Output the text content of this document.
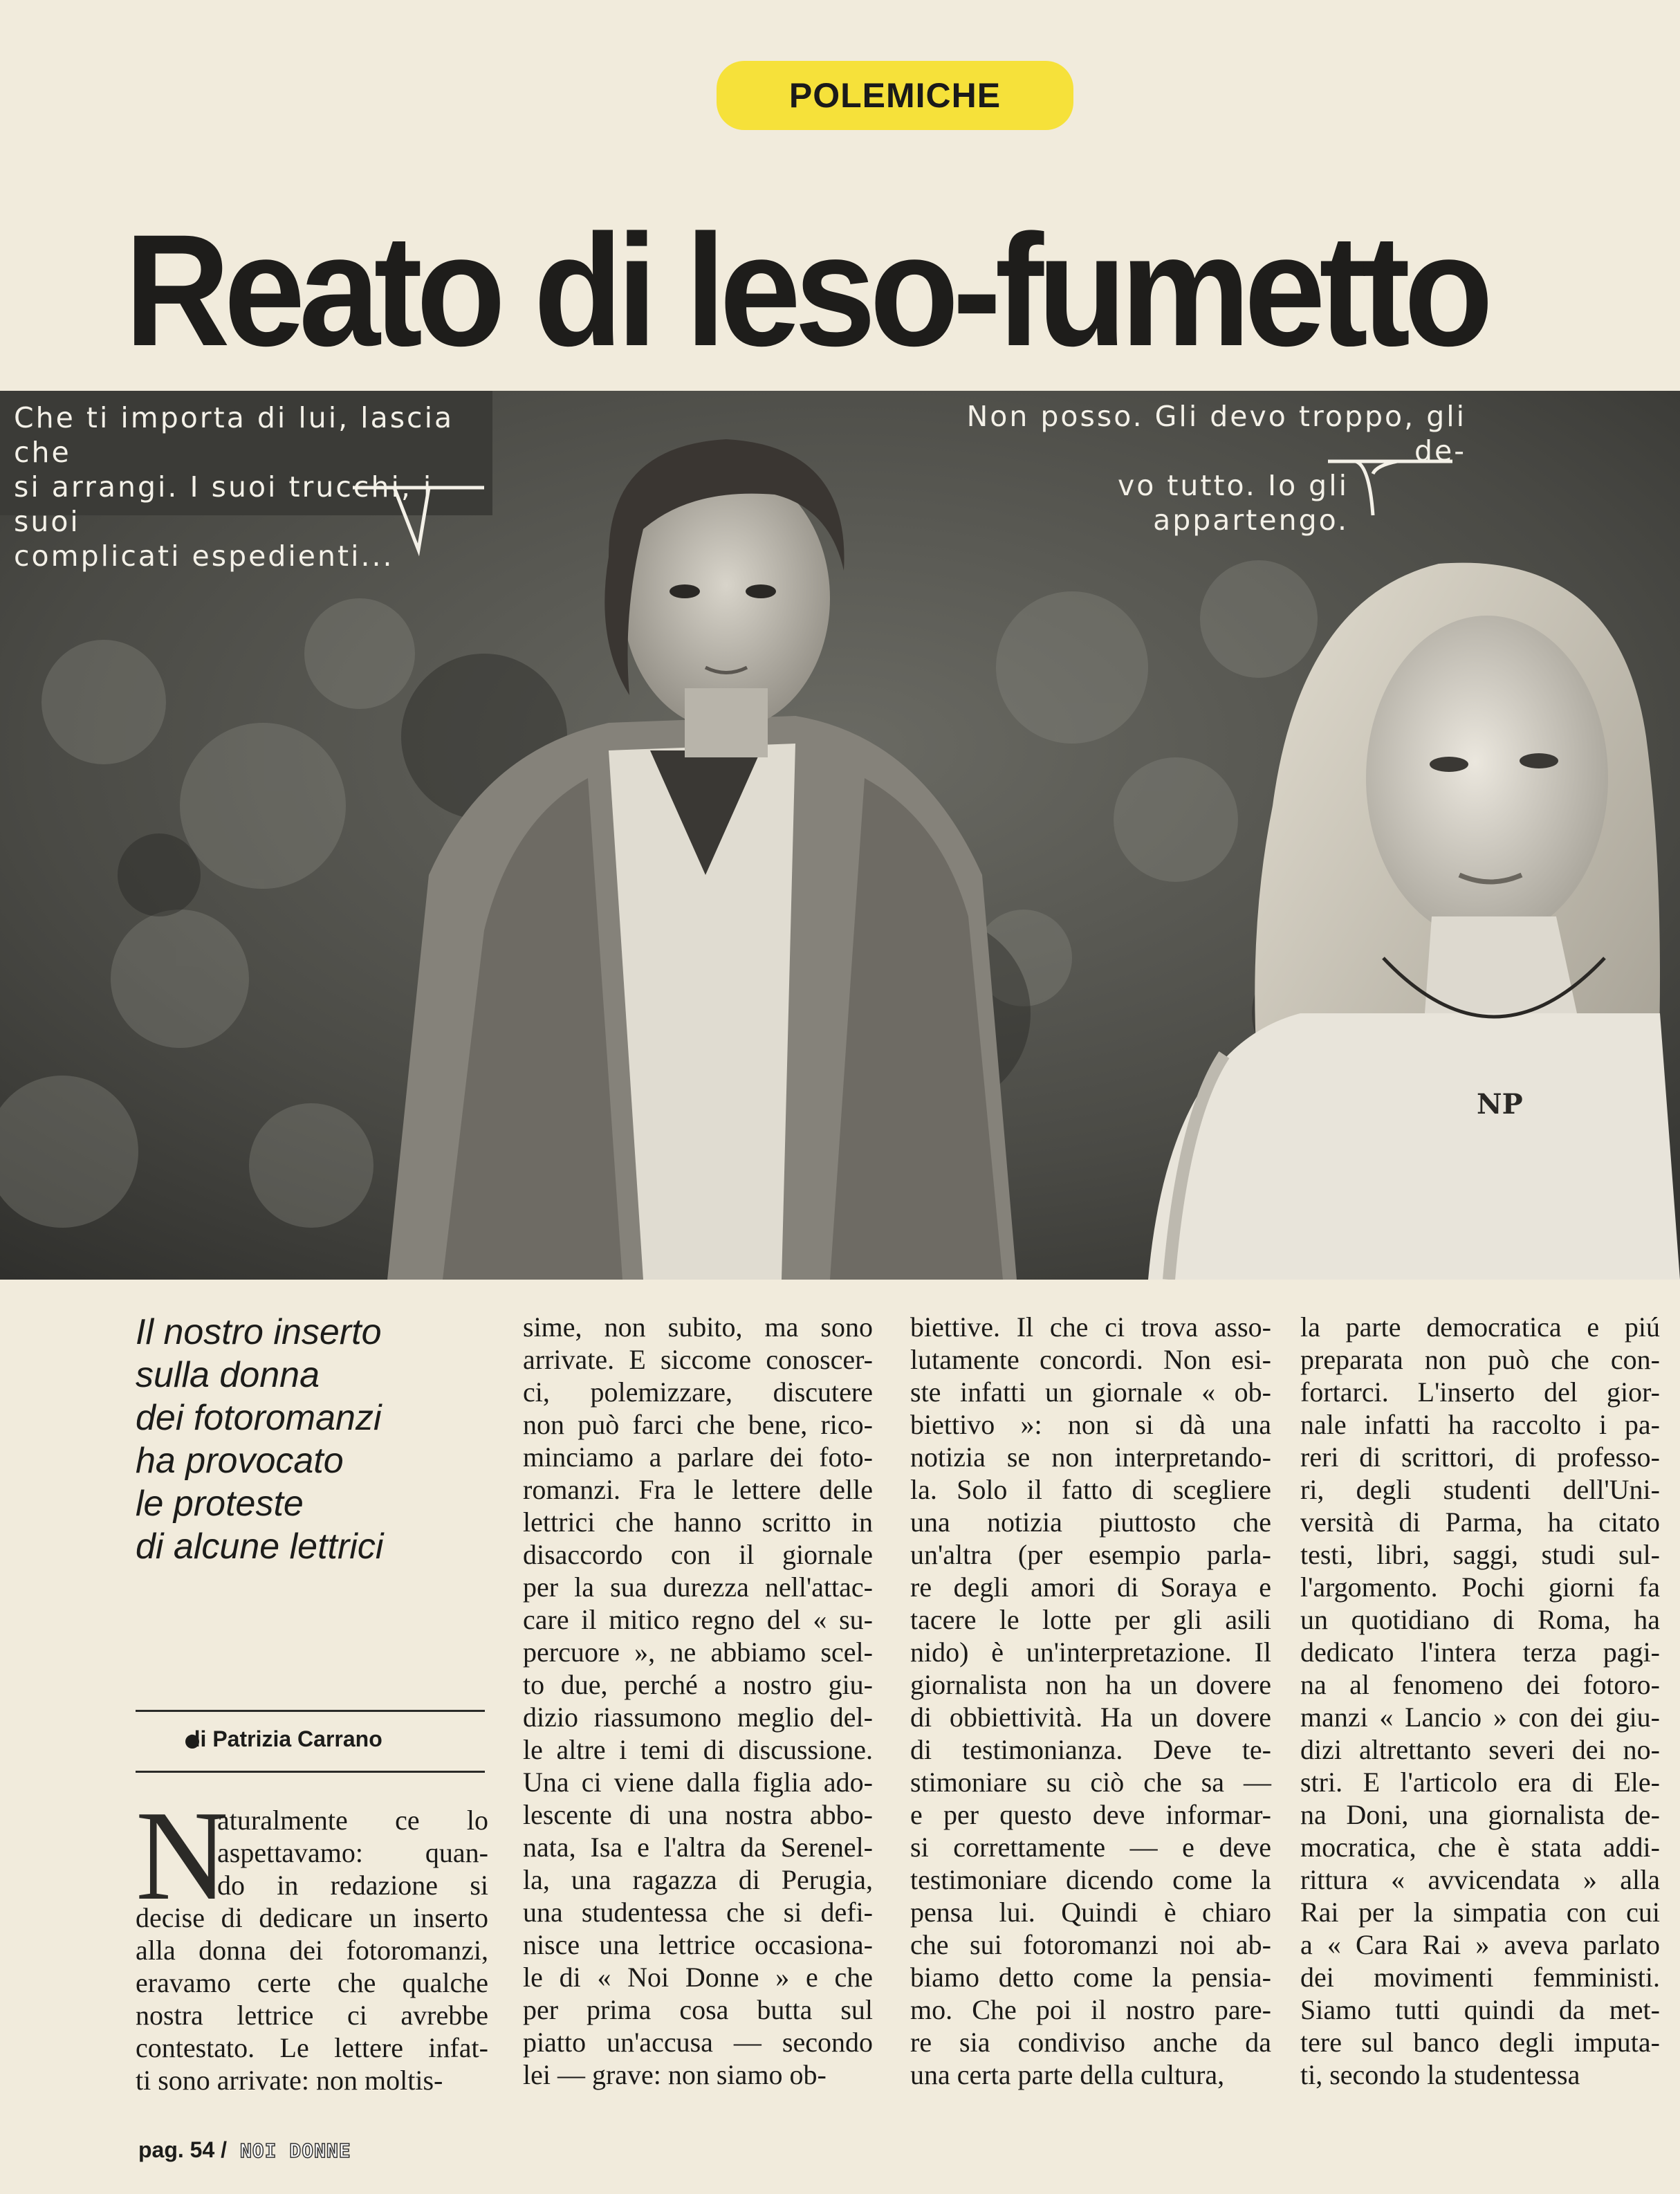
POLEMICHE
Reato di leso-fumetto
NP
Che ti importa di lui, lascia che
si arrangi. I suoi trucchi, i suoi
complicati espedienti...
Non posso. Gli devo troppo, gli de-
vo tutto. Io gli appartengo.
Il nostro inserto
sulla donna
dei fotoromanzi
ha provocato
le proteste
di alcune lettrici
di Patrizia Carrano
N
aturalmente ce lo
aspettavamo: quan-
do in redazione si
decise di dedicare un inserto
alla donna dei fotoromanzi,
eravamo certe che qualche
nostra lettrice ci avrebbe
contestato. Le lettere infat-
ti sono arrivate: non moltis-
sime, non subito, ma sono
arrivate. E siccome conoscer-
ci, polemizzare, discutere
non può farci che bene, rico-
minciamo a parlare dei foto-
romanzi. Fra le lettere delle
lettrici che hanno scritto in
disaccordo con il giornale
per la sua durezza nell'attac-
care il mitico regno del « su-
percuore », ne abbiamo scel-
to due, perché a nostro giu-
dizio riassumono meglio del-
le altre i temi di discussione.
Una ci viene dalla figlia ado-
lescente di una nostra abbo-
nata, Isa e l'altra da Serenel-
la, una ragazza di Perugia,
una studentessa che si defi-
nisce una lettrice occasiona-
le di « Noi Donne » e che
per prima cosa butta sul
piatto un'accusa — secondo
lei — grave: non siamo ob-
biettive. Il che ci trova asso-
lutamente concordi. Non esi-
ste infatti un giornale « ob-
biettivo »: non si dà una
notizia se non interpretando-
la. Solo il fatto di scegliere
una notizia piuttosto che
un'altra (per esempio parla-
re degli amori di Soraya e
tacere le lotte per gli asili
nido) è un'interpretazione. Il
giornalista non ha un dovere
di obbiettività. Ha un dovere
di testimonianza. Deve te-
stimoniare su ciò che sa —
e per questo deve informar-
si correttamente — e deve
testimoniare dicendo come la
pensa lui. Quindi è chiaro
che sui fotoromanzi noi ab-
biamo detto come la pensia-
mo. Che poi il nostro pare-
re sia condiviso anche da
una certa parte della cultura,
la parte democratica e piú
preparata non può che con-
fortarci. L'inserto del gior-
nale infatti ha raccolto i pa-
reri di scrittori, di professo-
ri, degli studenti dell'Uni-
versità di Parma, ha citato
testi, libri, saggi, studi sul-
l'argomento. Pochi giorni fa
un quotidiano di Roma, ha
dedicato l'intera terza pagi-
na al fenomeno dei fotoro-
manzi « Lancio » con dei giu-
dizi altrettanto severi dei no-
stri. E l'articolo era di Ele-
na Doni, una giornalista de-
mocratica, che è stata addi-
rittura « avvicendata » alla
Rai per la simpatia con cui
a « Cara Rai » aveva parlato
dei movimenti femministi.
Siamo tutti quindi da met-
tere sul banco degli imputa-
ti, secondo la studentessa
pag. 54 / NOI DONNE
